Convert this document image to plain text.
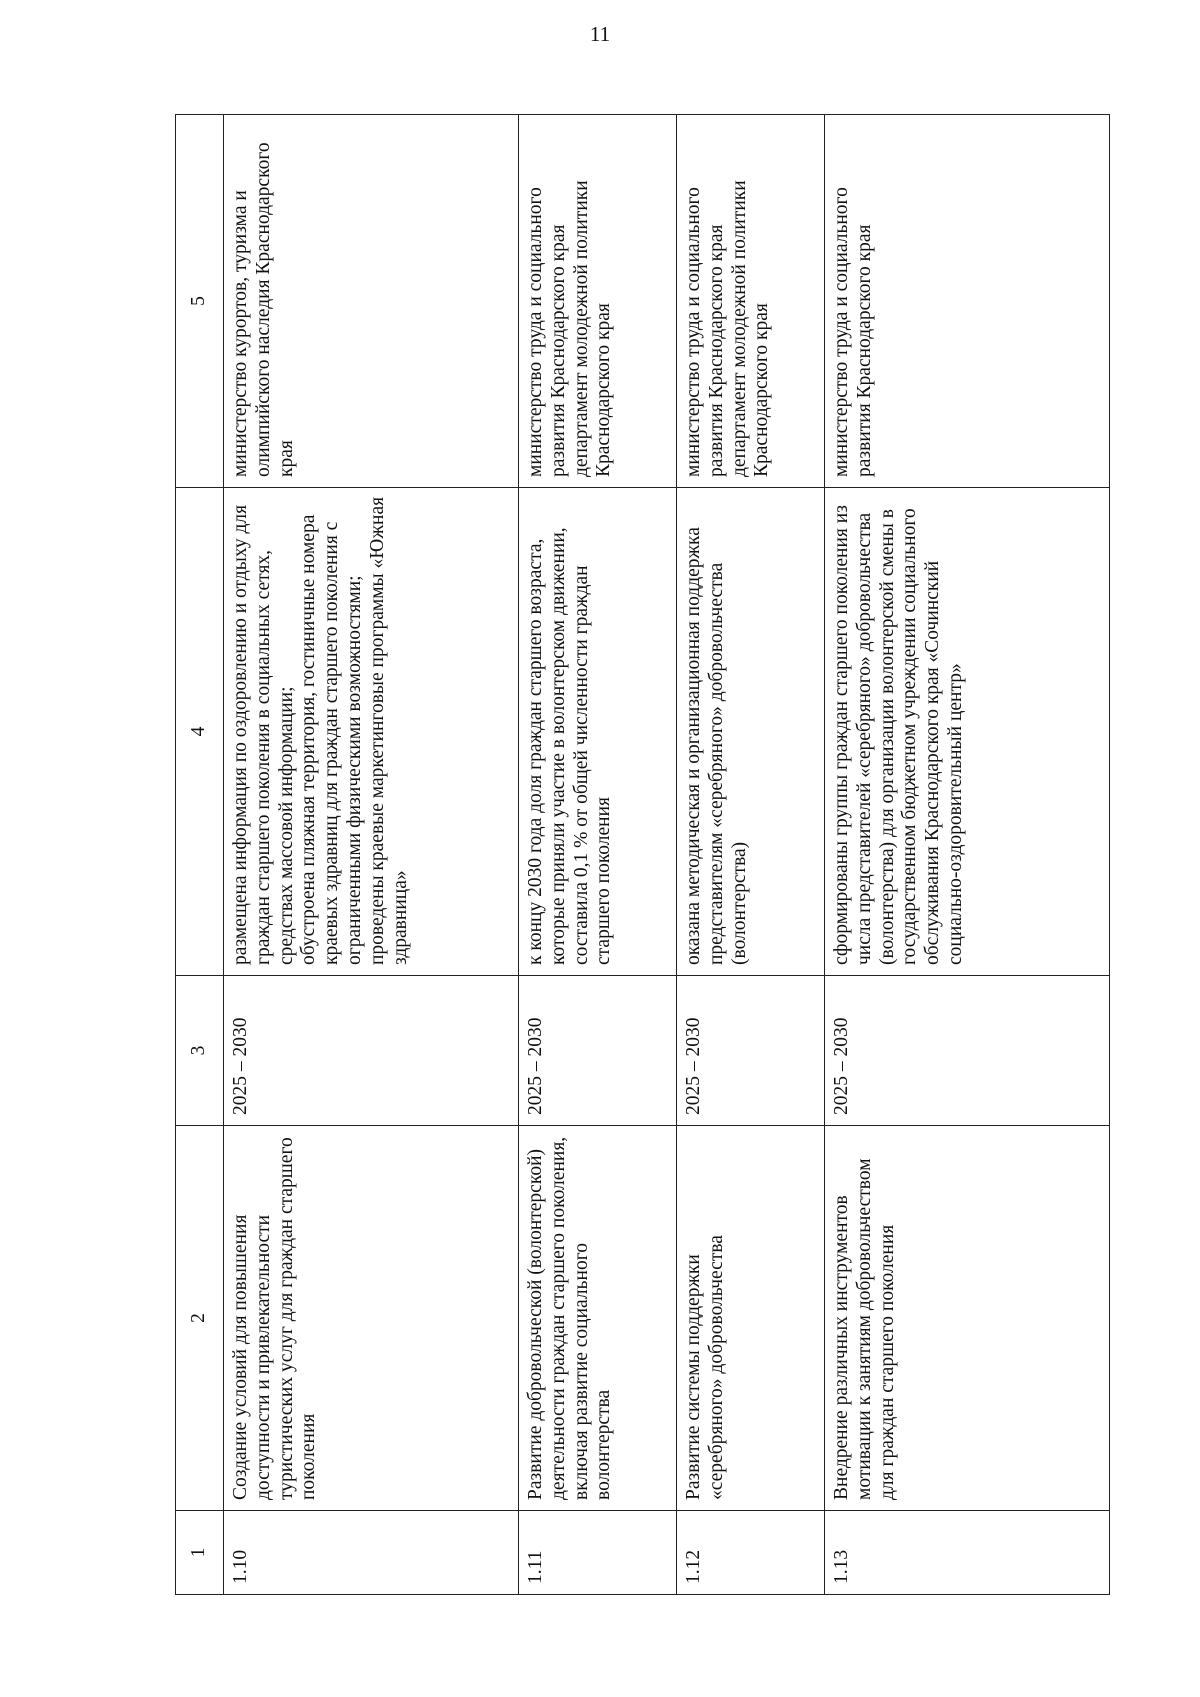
11
1	2	3	4	5
1.10	Создание условий для повышения доступности и привлекательности туристических услуг для граждан старшего поколения	2025 – 2030	размещена информация по оздоровлению и отдыху для граждан старшего поколения в социальных сетях, средствах массовой информации; обустроена пляжная территория, гостиничные номера краевых здравниц для граждан старшего поколения с ограниченными физическими возможностями; проведены краевые маркетинговые программы «Южная здравница»	министерство курортов, туризма и олимпийского наследия Краснодарского края

1.11	Развитие добровольческой (волонтерской) деятельности граждан старшего поколения, включая развитие социального волонтерства	2025 – 2030	к концу 2030 года доля граждан старшего возраста, которые приняли участие в волонтерском движении, составила 0,1 % от общей численности граждан старшего поколения	министерство труда и социального развития Краснодарского края департамент молодежной политики Краснодарского края

1.12	Развитие системы поддержки «серебряного» добровольчества	2025 – 2030	оказана методическая и организационная поддержка представителям «серебряного» добровольчества (волонтерства)	министерство труда и социального развития Краснодарского края департамент молодежной политики Краснодарского края

1.13	Внедрение различных инструментов мотивации к занятиям добровольчеством для граждан старшего поколения	2025 – 2030	сформированы группы граждан старшего поколения из числа представителей «серебряного» добровольчества (волонтерства) для организации волонтерской смены в государственном бюджетном учреждении социального обслуживания Краснодарского края «Сочинский социально-оздоровительный центр»	министерство труда и социального развития Краснодарского края
